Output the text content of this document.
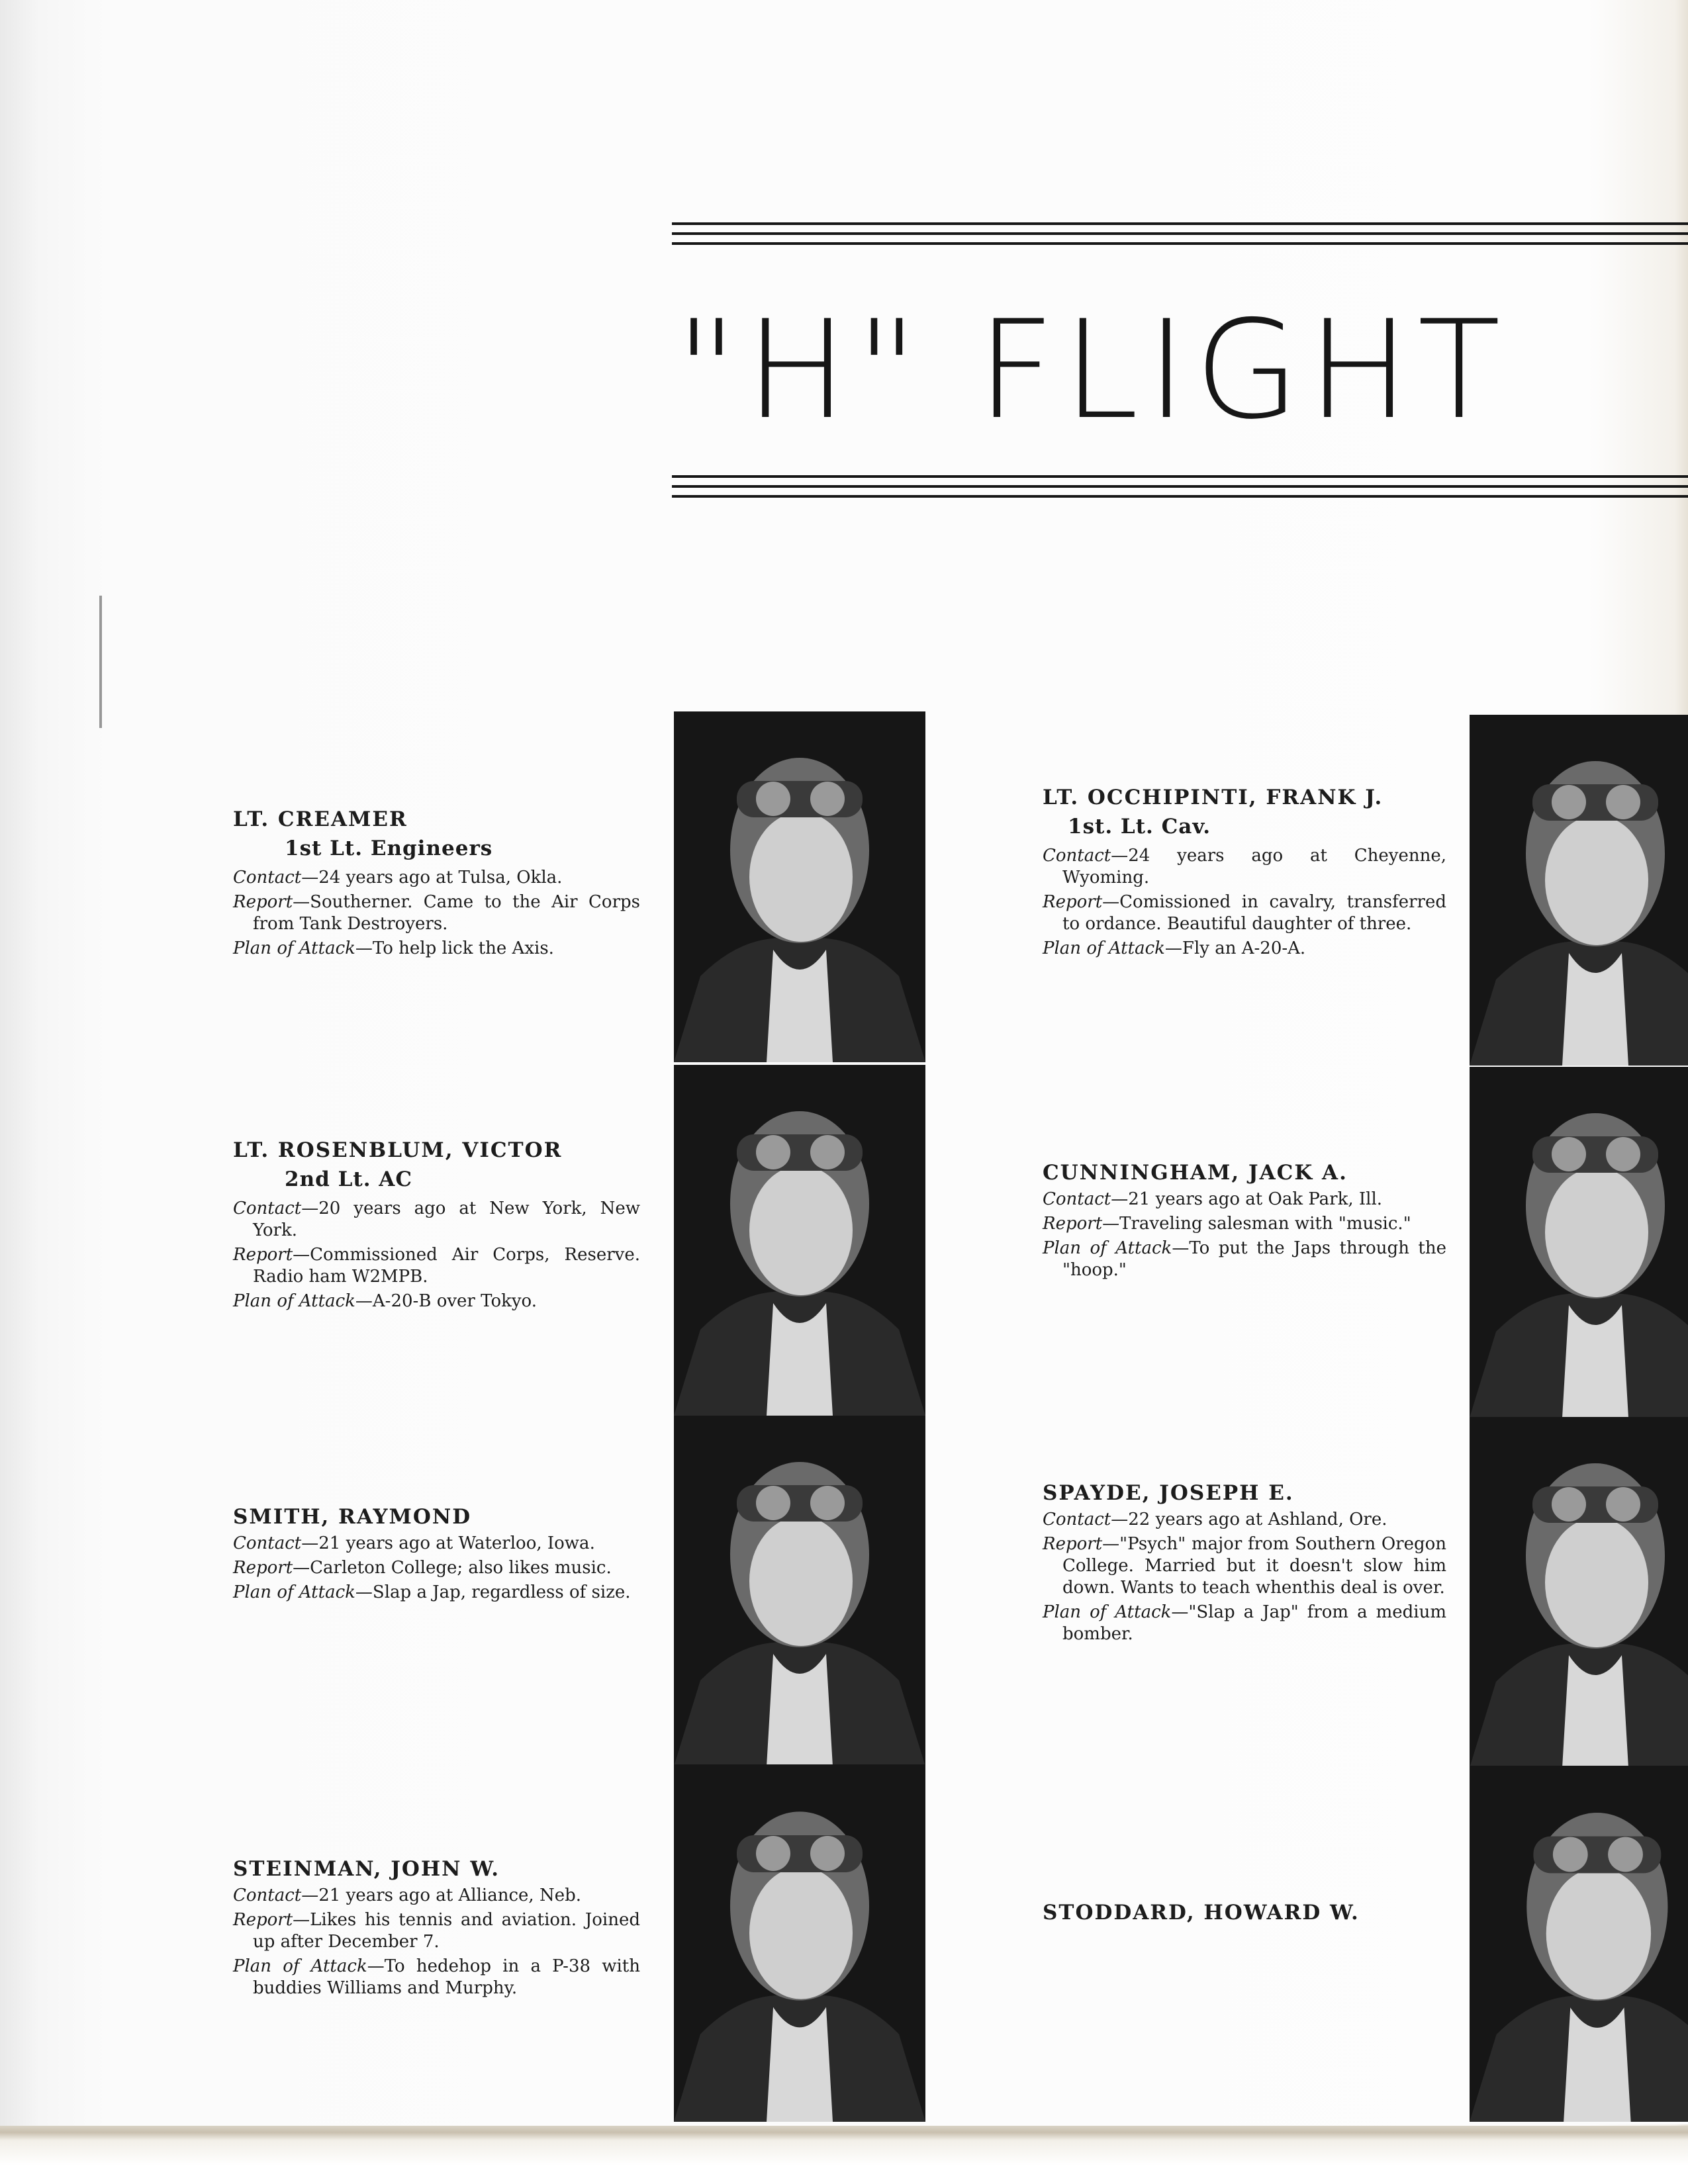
"H" FLIGHT

LT. CREAMER

1st Lt. Engineers

Contact—24 years ago at Tulsa, Okla.

Report—Southerner. Came to the Air Corps from Tank Destroyers.

Plan of Attack—To help lick the Axis.

LT. ROSENBLUM, VICTOR

2nd Lt. AC

Contact—20 years ago at New York, New York.

Report—Commissioned Air Corps, Reserve. Radio ham W2MPB.

Plan of Attack—A-20-B over Tokyo.

SMITH, RAYMOND

Contact—21 years ago at Waterloo, Iowa.

Report—Carleton College; also likes music.

Plan of Attack—Slap a Jap, regardless of size.

STEINMAN, JOHN W.

Contact—21 years ago at Alliance, Neb.

Report—Likes his tennis and aviation. Joined up after December 7.

Plan of Attack—To hedehop in a P-38 with buddies Williams and Murphy.

LT. OCCHIPINTI, FRANK J.

1st. Lt. Cav.

Contact—24 years ago at Cheyenne, Wyoming.

Report—Comissioned in cavalry, transferred to ordance. Beautiful daughter of three.

Plan of Attack—Fly an A-20-A.

CUNNINGHAM, JACK A.

Contact—21 years ago at Oak Park, Ill.

Report—Traveling salesman with "music."

Plan of Attack—To put the Japs through the "hoop."

SPAYDE, JOSEPH E.

Contact—22 years ago at Ashland, Ore.

Report—"Psych" major from Southern Oregon College. Married but it doesn't slow him down. Wants to teach whenthis deal is over.

Plan of Attack—"Slap a Jap" from a medium bomber.

STODDARD, HOWARD W.
